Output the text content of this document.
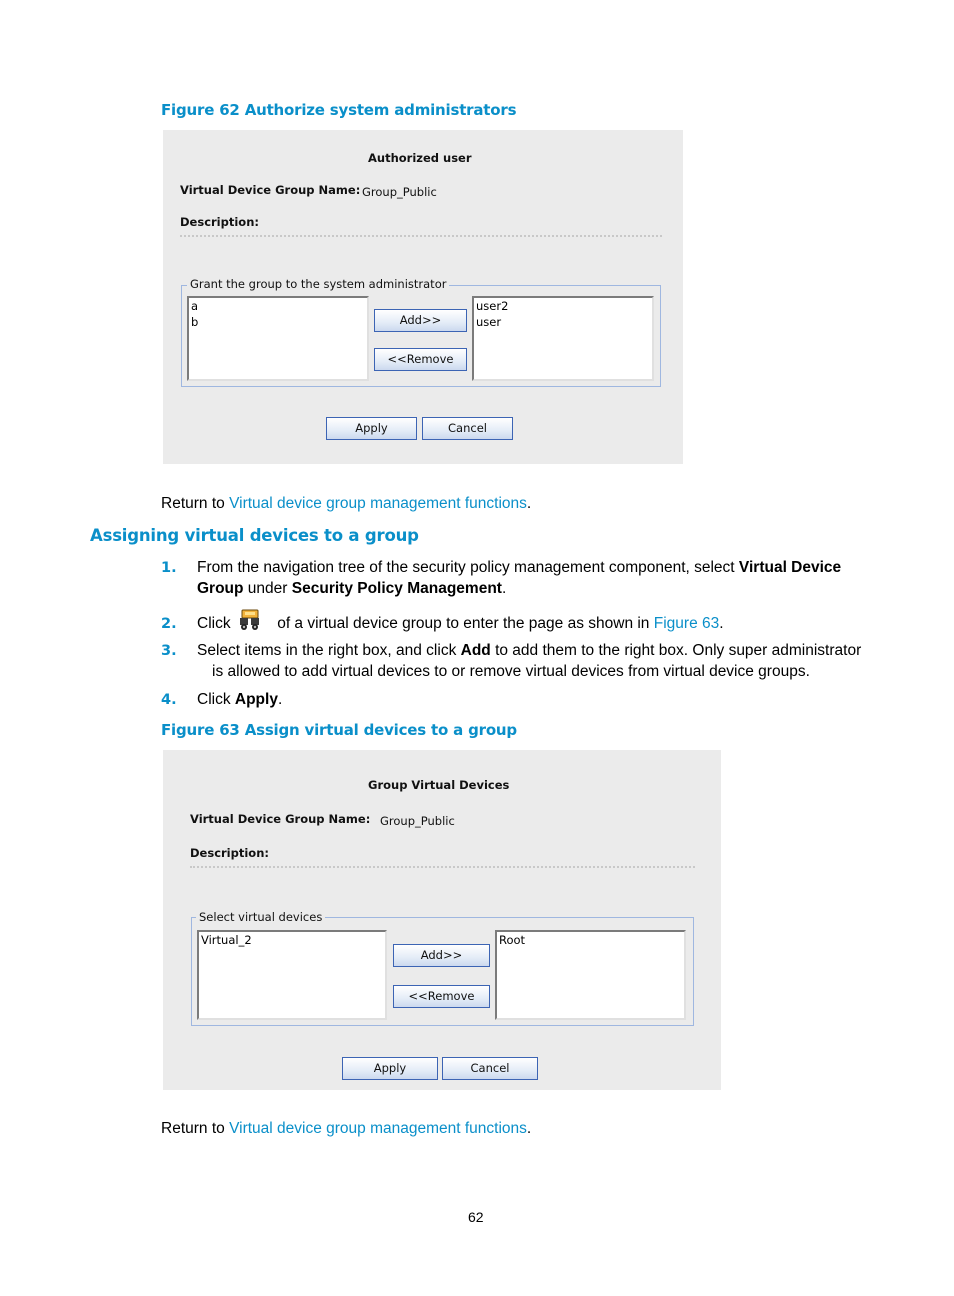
Figure 62 Authorize system administrators
Authorized user
Virtual Device Group Name: Group_Public
Description:
Grant the group to the system administrator
a
b	Add>>
<<Remove
user2
user
Apply	Cancel
Return to Virtual device group management functions.
Assigning virtual devices to a group
1. From the navigation tree of the security policy management component, select Virtual Device
Group under Security Policy Management.
2. Click  of a virtual device group to enter the page as shown in Figure 63.
3. Select items in the right box, and click Add to add them to the right box. Only super administrator
is allowed to add virtual devices to or remove virtual devices from virtual device groups.
4. Click Apply.
Figure 63 Assign virtual devices to a group
Group Virtual Devices
Virtual Device Group Name: Group_Public
Description:
Select virtual devices
Virtual_2
Add>>
<<Remove
Root
Apply	Cancel
Return to Virtual device group management functions.
62
